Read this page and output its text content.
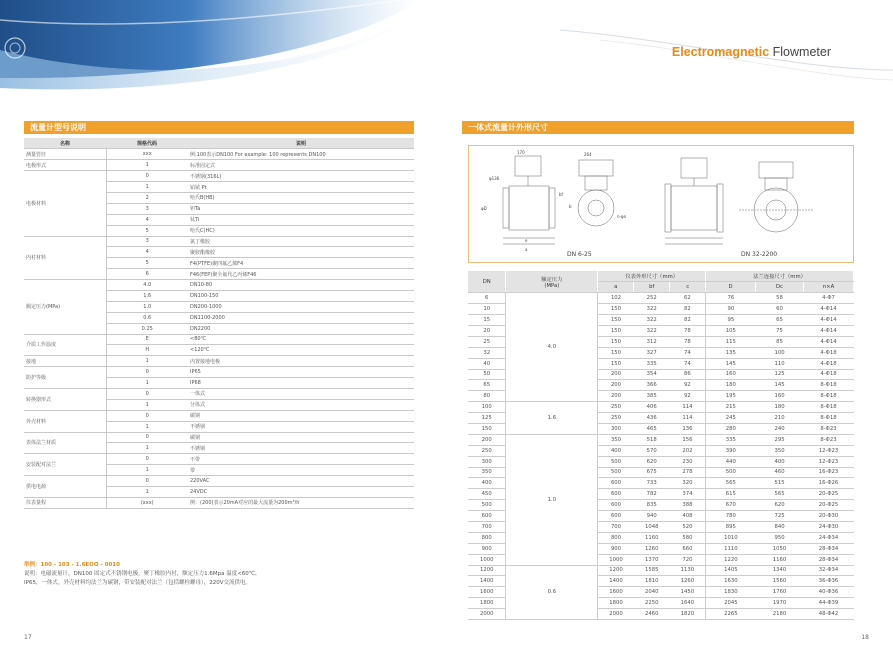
Electromagnetic Flowmeter
流量计型号说明
名称	规格代码	说明
测量管径	xxx	例:100表示DN100 For example: 100 represents DN100
电极形式	1	标准固定式
电极材料	0	不锈钢(316L)
	1	铂铱 Pt
	2	哈氏B(HB)
	3	钽Ta
	4	钛Ti
	5	哈氏C(HC)
内衬材料	3	氯丁橡胶
	4	聚胺酯橡胶
	5	F4(PTFE)聚四氟乙烯F4
	6	F46(FEP)聚全氟代乙丙烯F46
额定压力(MPa)	4.0	DN10-80
	1.6	DN100-150
	1.0	DN200-1000
	0.6	DN1100-2000
	0.25	DN2200
介质工作温度	E	<80℃
	H	<120℃
接地	1	内置接地电极
防护等级	0	IP65
	1	IP68
转换器形式	0	一体式
	1	分体式
外壳材料	0	碳钢
	1	不锈钢
表体法兰材质	0	碳钢
	1	不锈钢
安装配对法兰	0	不带
	1	带
供电电源	0	220VAC
	1	24VDC
仪表量程	(xxx)	例：(200)表示20mA对应的最大流量为200m³/h
举例：100 - 103 - 1.6EOO - 0010
说明：电磁流量计，DN100 固定式不锈钢电极，聚丁橡胶内衬，额定压力1.6Mpa 温度<60℃，
IP65，一体式，外壳材料均法兰为碳钢，带安装配对法兰（包括螺栓螺母），220V交流供电。
17
一体式流量计外形尺寸
170
φ136
e
a
φD
bf
264
b
n-φn
DN 6-25	DN 32-2200
DN	额定压力
(MPa)	仪表外形尺寸（mm）			法兰连接尺寸（mm）		
		a	bf	c	D	Dc	n×A
6	4.0	102	252	62	76	58	4-Φ7
10		150	322	82	90	60	4-Φ14
15		150	322	82	95	65	4-Φ14
20		150	322	78	105	75	4-Φ14
25		150	312	78	115	85	4-Φ14
32		150	327	74	135	100	4-Φ18
40		150	335	74	145	110	4-Φ18
50		200	354	86	160	125	4-Φ18
65		200	366	92	180	145	8-Φ18
80		200	385	92	195	160	8-Φ18
100	1.6	250	406	114	215	180	8-Φ18
125		250	436	114	245	210	8-Φ18
150		300	465	136	280	240	8-Φ23
200	1.0	350	518	156	335	295	8-Φ23
250		400	570	202	390	350	12-Φ23
300		500	620	230	440	400	12-Φ23
350		500	675	278	500	460	16-Φ23
400		600	733	320	565	515	16-Φ26
450		600	782	374	615	565	20-Φ25
500		600	835	388	670	620	20-Φ25
600		600	940	408	780	725	20-Φ30
700		700	1048	520	895	840	24-Φ30
800		800	1160	580	1010	950	24-Φ34
900		900	1260	660	1110	1050	28-Φ34
1000		1000	1370	720	1220	1160	28-Φ34
1200	0.6	1200	1585	1130	1405	1340	32-Φ34
1400		1400	1810	1260	1630	1560	36-Φ36
1600		1600	2040	1450	1830	1760	40-Φ36
1800		1800	2250	1640	2045	1970	44-Φ39
2000		2000	2460	1820	2265	2180	48-Φ42
18
